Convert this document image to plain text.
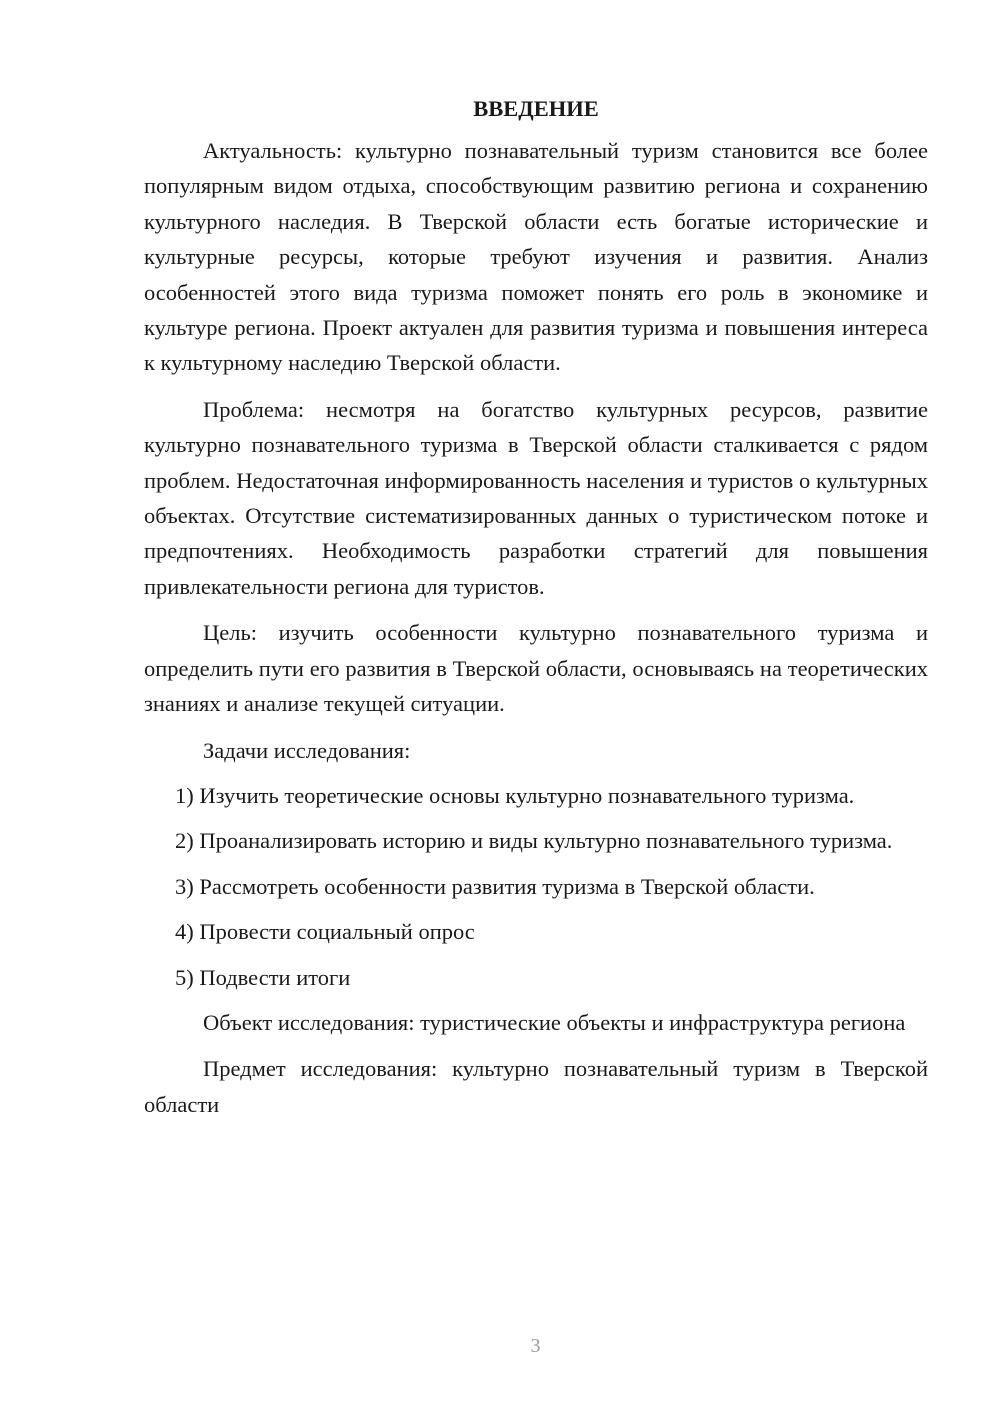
ВВЕДЕНИЕ

Актуальность: культурно познавательный туризм становится все более популярным видом отдыха, способствующим развитию региона и сохранению культурного наследия. В Тверской области есть богатые исторические и культурные ресурсы, которые требуют изучения и развития. Анализ особенностей этого вида туризма поможет понять его роль в экономике и культуре региона. Проект актуален для развития туризма и повышения интереса к культурному наследию Тверской области.

Проблема: несмотря на богатство культурных ресурсов, развитие культурно познавательного туризма в Тверской области сталкивается с рядом проблем. Недостаточная информированность населения и туристов о культурных объектах. Отсутствие систематизированных данных о туристическом потоке и предпочтениях. Необходимость разработки стратегий для повышения привлекательности региона для туристов.

Цель: изучить особенности культурно познавательного туризма и определить пути его развития в Тверской области, основываясь на теоретических знаниях и анализе текущей ситуации.

Задачи исследования:

1) Изучить теоретические основы культурно познавательного туризма.

2) Проанализировать историю и виды культурно познавательного туризма.

3) Рассмотреть особенности развития туризма в Тверской области.

4) Провести социальный опрос

5) Подвести итоги

Объект исследования: туристические объекты и инфраструктура региона

Предмет исследования: культурно познавательный туризм в Тверской области

3
